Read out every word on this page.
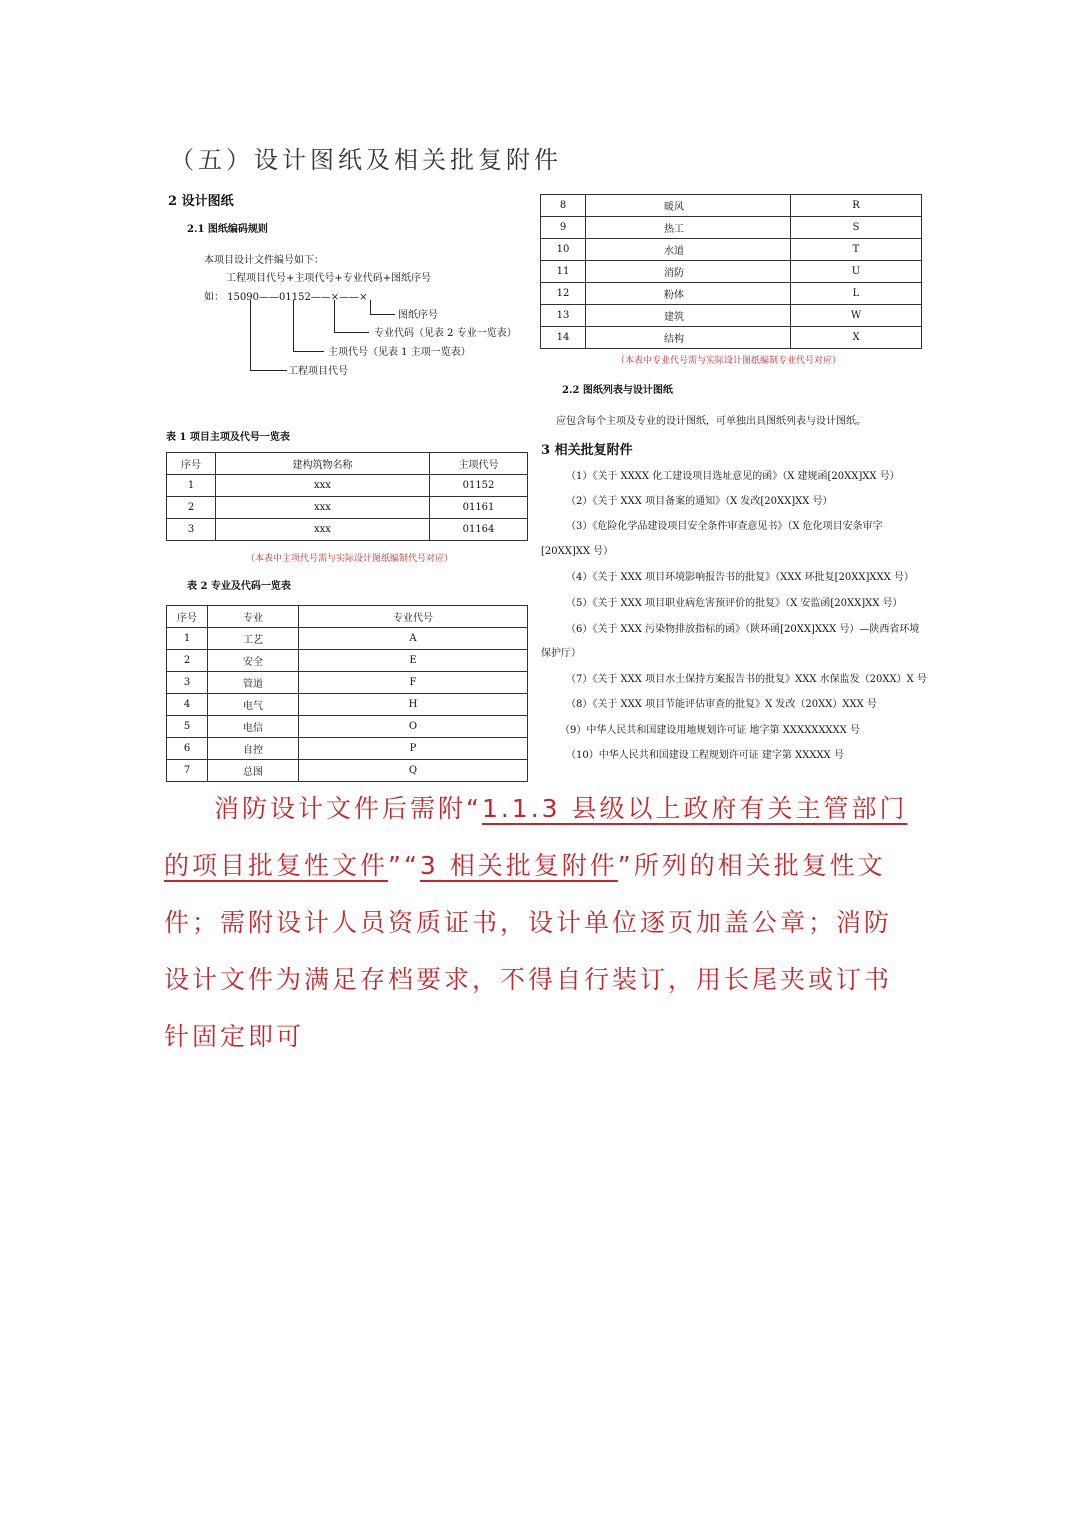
（五）设计图纸及相关批复附件
2 设计图纸
2.1 图纸编码规则
本项目设计文件编号如下：
工程项目代号+主项代号+专业代码+图纸序号
如： 15090——01152——×——×
图纸序号
专业代码（见表 2 专业一览表）
主项代号（见表 1 主项一览表）
工程项目代号
表 1 项目主项及代号一览表
序号	建构筑物名称	主项代号
1	xxx	01152
2	xxx	01161
3	xxx	01164
（本表中主项代号需与实际设计图纸编制代号对应）
表 2 专业及代码一览表
序号	专业	专业代号
1	工艺	A
2	安全	E
3	管道	F
4	电气	H
5	电信	O
6	自控	P
7	总图	Q
8	暖风	R
9	热工	S
10	水道	T
11	消防	U
12	粉体	L
13	建筑	W
14	结构	X
（本表中专业代号需与实际设计图纸编制专业代号对应）
2.2 图纸列表与设计图纸
应包含每个主项及专业的设计图纸，可单独出具图纸列表与设计图纸。
3 相关批复附件
（1）《关于 XXXX 化工建设项目选址意见的函》（X 建规函[20XX]XX 号）
（2）《关于 XXX 项目备案的通知》（X 发改[20XX]XX 号）
（3）《危险化学品建设项目安全条件审查意见书》（X 危化项目安条审字
[20XX]XX 号）
（4）《关于 XXX 项目环境影响报告书的批复》（XXX 环批复[20XX]XXX 号）
（5）《关于 XXX 项目职业病危害预评价的批复》（X 安监函[20XX]XX 号）
（6）《关于 XXX 污染物排放指标的函》（陕环函[20XX]XXX 号）—陕西省环境
保护厅）
（7）《关于 XXX 项目水土保持方案报告书的批复》XXX 水保监发（20XX）X 号
（8）《关于 XXX 项目节能评估审查的批复》X 发改（20XX）XXX 号
（9）中华人民共和国建设用地规划许可证 地字第 XXXXXXXXX 号
（10）中华人民共和国建设工程规划许可证 建字第 XXXXX 号
消防设计文件后需附“1.1.3 县级以上政府有关主管部门的项目批复性文件”“3 相关批复附件”所列的相关批复性文件；需附设计人员资质证书，设计单位逐页加盖公章；消防设计文件为满足存档要求，不得自行装订，用长尾夹或订书针固定即可
